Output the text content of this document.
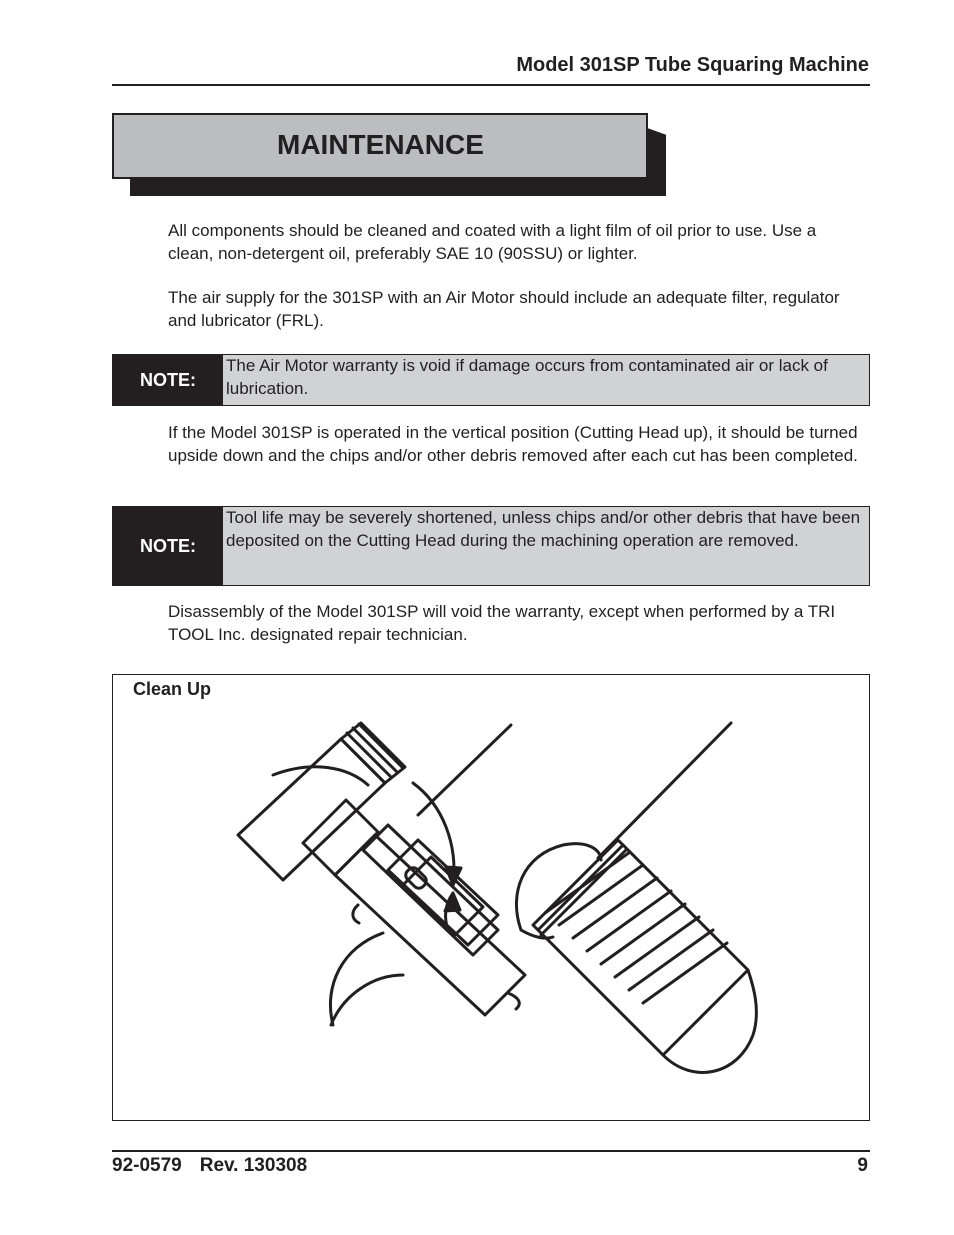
Model 301SP Tube Squaring Machine
MAINTENANCE
All components should be cleaned and coated with a light film of oil prior to use. Use a clean, non-detergent oil, preferably SAE 10 (90SSU) or lighter.
The air supply for the 301SP with an Air Motor should include an adequate filter, regulator and lubricator (FRL).
NOTE:
The Air Motor warranty is void if damage occurs from contaminated air or lack of lubrication.
If the Model 301SP is operated in the vertical position (Cutting Head up), it should be turned upside down and the chips and/or other debris removed after each cut has been completed.
NOTE:
Tool life may be severely shortened, unless chips and/or other debris that have been deposited on the Cutting Head during the machining operation are removed.
Disassembly of the Model 301SP will void the warranty, except when performed by a TRI TOOL Inc. designated repair technician.
Clean Up
92-0579 Rev. 130308	9
